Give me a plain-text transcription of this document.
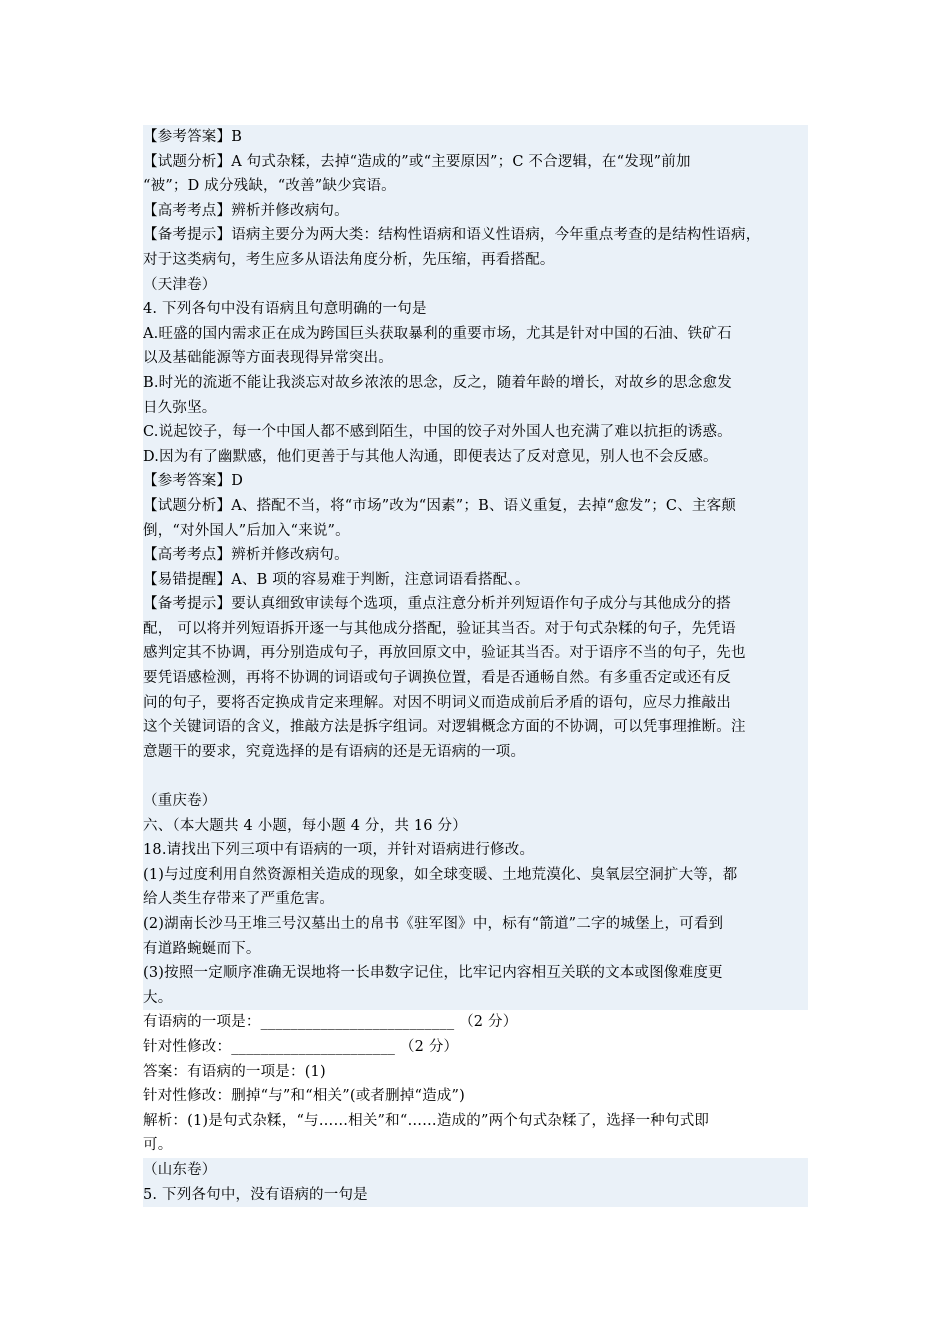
【参考答案】B
【试题分析】A 句式杂糅，去掉“造成的”或“主要原因”；C 不合逻辑，在“发现”前加
“被”；D 成分残缺，“改善”缺少宾语。
【高考考点】辨析并修改病句。
【备考提示】语病主要分为两大类：结构性语病和语义性语病，今年重点考查的是结构性语病，
对于这类病句，考生应多从语法角度分析，先压缩，再看搭配。
（天津卷）
4. 下列各句中没有语病且句意明确的一句是
A.旺盛的国内需求正在成为跨国巨头获取暴利的重要市场，尤其是针对中国的石油、铁矿石
以及基础能源等方面表现得异常突出。
B.时光的流逝不能让我淡忘对故乡浓浓的思念，反之，随着年龄的增长，对故乡的思念愈发
日久弥坚。
C.说起饺子，每一个中国人都不感到陌生，中国的饺子对外国人也充满了难以抗拒的诱惑。
D.因为有了幽默感，他们更善于与其他人沟通，即便表达了反对意见，别人也不会反感。
【参考答案】D
【试题分析】A、搭配不当，将“市场”改为“因素”；B、语义重复，去掉“愈发”；C、主客颠
倒，“对外国人”后加入“来说”。
【高考考点】辨析并修改病句。
【易错提醒】A、B 项的容易难于判断，注意词语看搭配、。
【备考提示】要认真细致审读每个选项，重点注意分析并列短语作句子成分与其他成分的搭
配， 可以将并列短语拆开逐一与其他成分搭配，验证其当否。对于句式杂糅的句子，先凭语
感判定其不协调，再分别造成句子，再放回原文中，验证其当否。对于语序不当的句子，先也
要凭语感检测，再将不协调的词语或句子调换位置，看是否通畅自然。有多重否定或还有反
问的句子，要将否定换成肯定来理解。对因不明词义而造成前后矛盾的语句，应尽力推敲出
这个关键词语的含义，推敲方法是拆字组词。对逻辑概念方面的不协调，可以凭事理推断。注
意题干的要求，究竟选择的是有语病的还是无语病的一项。
（重庆卷）
六、（本大题共 4 小题，每小题 4 分，共 16 分）
18.请找出下列三项中有语病的一项，并针对语病进行修改。
(1)与过度利用自然资源相关造成的现象，如全球变暖、土地荒漠化、臭氧层空洞扩大等，都
给人类生存带来了严重危害。
(2)湖南长沙马王堆三号汉墓出土的帛书《驻军图》中，标有“箭道”二字的城堡上，可看到
有道路蜿蜒而下。
(3)按照一定顺序准确无误地将一长串数字记住，比牢记内容相互关联的文本或图像难度更
大。
有语病的一项是：__________________________ （2 分）
针对性修改：______________________ （2 分）
答案：有语病的一项是：(1)
针对性修改：删掉“与”和“相关”(或者删掉“造成”)
解析：(1)是句式杂糅，“与……相关”和“……造成的”两个句式杂糅了，选择一种句式即
可。
（山东卷）
5. 下列各句中，没有语病的一句是
